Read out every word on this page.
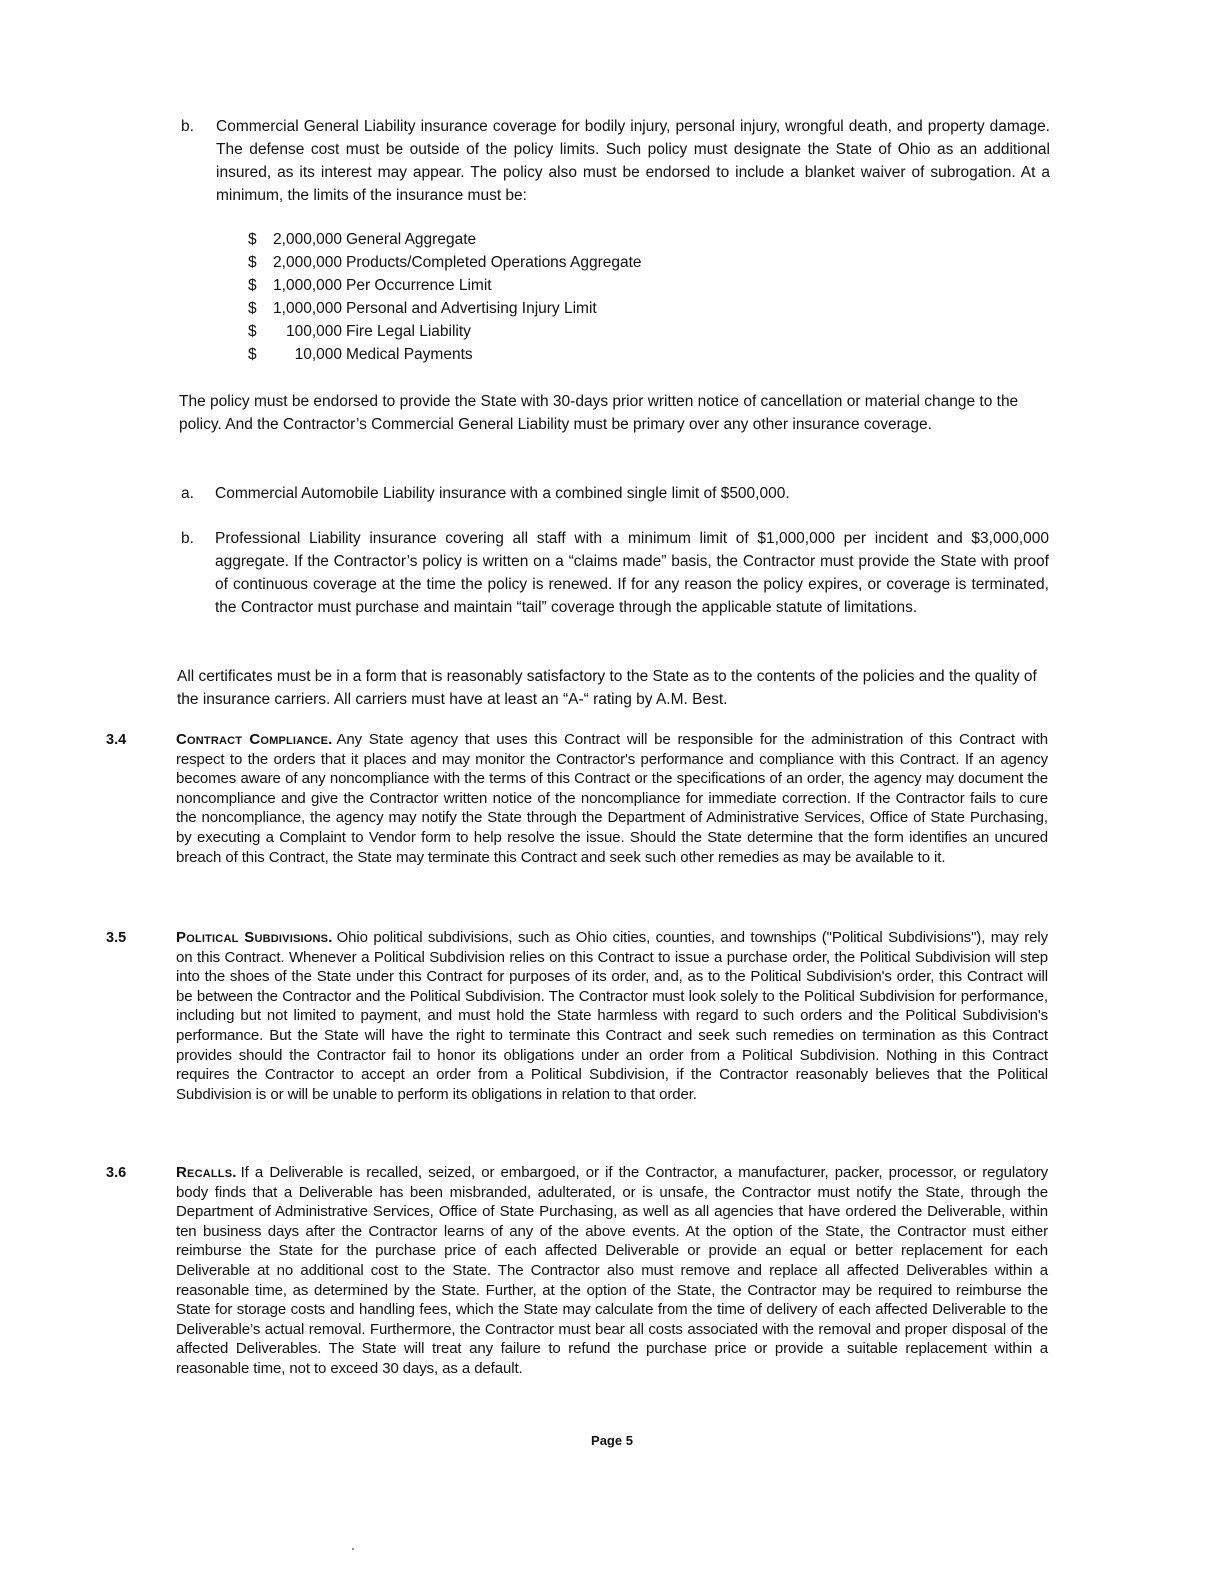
b. Commercial General Liability insurance coverage for bodily injury, personal injury, wrongful death, and property damage. The defense cost must be outside of the policy limits. Such policy must designate the State of Ohio as an additional insured, as its interest may appear. The policy also must be endorsed to include a blanket waiver of subrogation. At a minimum, the limits of the insurance must be:
$	2,000,000 General Aggregate
$	2,000,000 Products/Completed Operations Aggregate
$	1,000,000 Per Occurrence Limit
$	1,000,000 Personal and Advertising Injury Limit
$	100,000 Fire Legal Liability
$	10,000 Medical Payments
The policy must be endorsed to provide the State with 30-days prior written notice of cancellation or material change to the policy. And the Contractor’s Commercial General Liability must be primary over any other insurance coverage.
a. Commercial Automobile Liability insurance with a combined single limit of $500,000.
b. Professional Liability insurance covering all staff with a minimum limit of $1,000,000 per incident and $3,000,000 aggregate. If the Contractor’s policy is written on a “claims made” basis, the Contractor must provide the State with proof of continuous coverage at the time the policy is renewed. If for any reason the policy expires, or coverage is terminated, the Contractor must purchase and maintain “tail” coverage through the applicable statute of limitations.
All certificates must be in a form that is reasonably satisfactory to the State as to the contents of the policies and the quality of the insurance carriers. All carriers must have at least an “A-“ rating by A.M. Best.
3.4	Contract Compliance. Any State agency that uses this Contract will be responsible for the administration of this Contract with respect to the orders that it places and may monitor the Contractor's performance and compliance with this Contract. If an agency becomes aware of any noncompliance with the terms of this Contract or the specifications of an order, the agency may document the noncompliance and give the Contractor written notice of the noncompliance for immediate correction. If the Contractor fails to cure the noncompliance, the agency may notify the State through the Department of Administrative Services, Office of State Purchasing, by executing a Complaint to Vendor form to help resolve the issue. Should the State determine that the form identifies an uncured breach of this Contract, the State may terminate this Contract and seek such other remedies as may be available to it.
3.5	Political Subdivisions. Ohio political subdivisions, such as Ohio cities, counties, and townships ("Political Subdivisions"), may rely on this Contract. Whenever a Political Subdivision relies on this Contract to issue a purchase order, the Political Subdivision will step into the shoes of the State under this Contract for purposes of its order, and, as to the Political Subdivision's order, this Contract will be between the Contractor and the Political Subdivision. The Contractor must look solely to the Political Subdivision for performance, including but not limited to payment, and must hold the State harmless with regard to such orders and the Political Subdivision's performance. But the State will have the right to terminate this Contract and seek such remedies on termination as this Contract provides should the Contractor fail to honor its obligations under an order from a Political Subdivision. Nothing in this Contract requires the Contractor to accept an order from a Political Subdivision, if the Contractor reasonably believes that the Political Subdivision is or will be unable to perform its obligations in relation to that order.
3.6	Recalls. If a Deliverable is recalled, seized, or embargoed, or if the Contractor, a manufacturer, packer, processor, or regulatory body finds that a Deliverable has been misbranded, adulterated, or is unsafe, the Contractor must notify the State, through the Department of Administrative Services, Office of State Purchasing, as well as all agencies that have ordered the Deliverable, within ten business days after the Contractor learns of any of the above events. At the option of the State, the Contractor must either reimburse the State for the purchase price of each affected Deliverable or provide an equal or better replacement for each Deliverable at no additional cost to the State. The Contractor also must remove and replace all affected Deliverables within a reasonable time, as determined by the State. Further, at the option of the State, the Contractor may be required to reimburse the State for storage costs and handling fees, which the State may calculate from the time of delivery of each affected Deliverable to the Deliverable’s actual removal. Furthermore, the Contractor must bear all costs associated with the removal and proper disposal of the affected Deliverables. The State will treat any failure to refund the purchase price or provide a suitable replacement within a reasonable time, not to exceed 30 days, as a default.
Page 5
